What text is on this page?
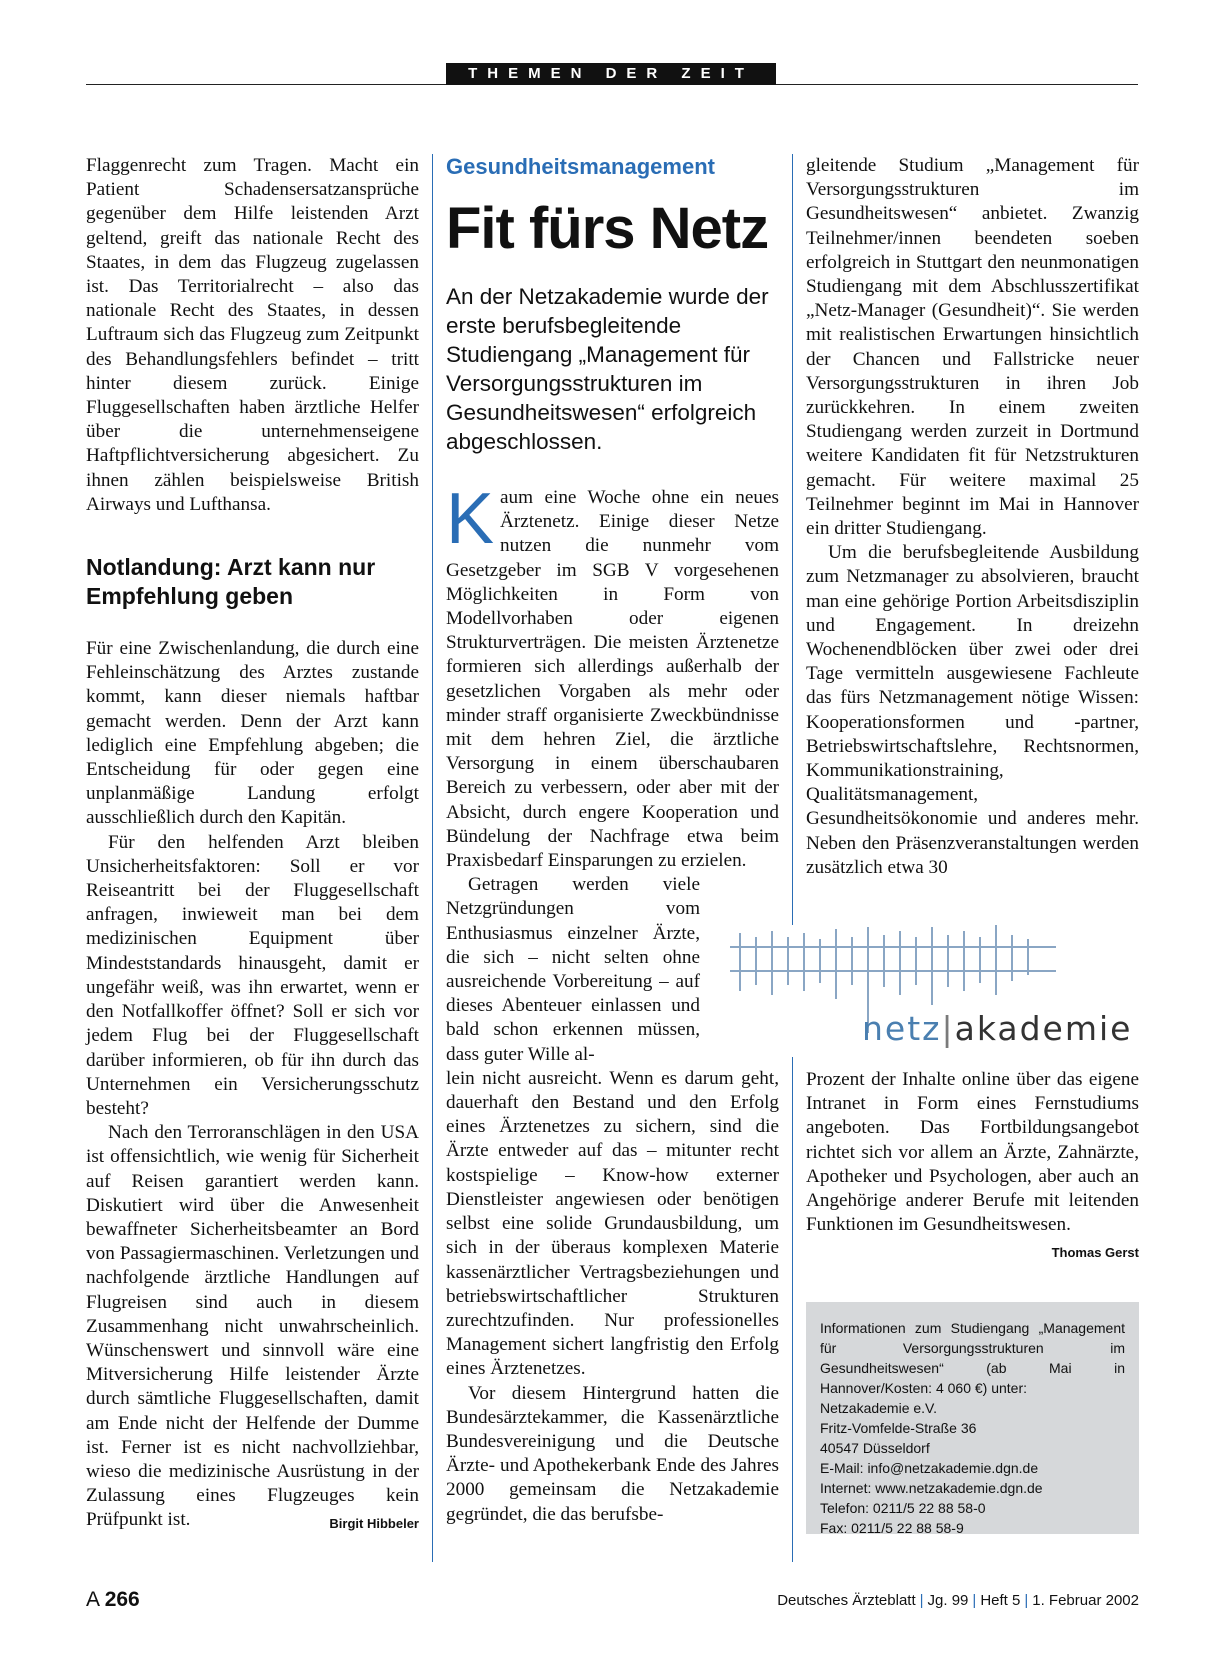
THEMEN DER ZEIT

Flaggenrecht zum Tragen. Macht ein Patient Schadensersatzansprüche gegenüber dem Hilfe leistenden Arzt geltend, greift das nationale Recht des Staates, in dem das Flugzeug zugelassen ist. Das Territorialrecht – also das nationale Recht des Staates, in dessen Luftraum sich das Flugzeug zum Zeitpunkt des Behandlungsfehlers befindet – tritt hinter diesem zurück. Einige Fluggesellschaften haben ärztliche Helfer über die unternehmenseigene Haftpflichtversicherung abgesichert. Zu ihnen zählen beispielsweise British Airways und Lufthansa.

Notlandung: Arzt kann nur Empfehlung geben

Für eine Zwischenlandung, die durch eine Fehleinschätzung des Arztes zustande kommt, kann dieser niemals haftbar gemacht werden. Denn der Arzt kann lediglich eine Empfehlung abgeben; die Entscheidung für oder gegen eine unplanmäßige Landung erfolgt ausschließlich durch den Kapitän.

Für den helfenden Arzt bleiben Unsicherheitsfaktoren: Soll er vor Reiseantritt bei der Fluggesellschaft anfragen, inwieweit man bei dem medizinischen Equipment über Mindeststandards hinausgeht, damit er ungefähr weiß, was ihn erwartet, wenn er den Notfallkoffer öffnet? Soll er sich vor jedem Flug bei der Fluggesellschaft darüber informieren, ob für ihn durch das Unternehmen ein Versicherungsschutz besteht?

Nach den Terroranschlägen in den USA ist offensichtlich, wie wenig für Sicherheit auf Reisen garantiert werden kann. Diskutiert wird über die Anwesenheit bewaffneter Sicherheitsbeamter an Bord von Passagiermaschinen. Verletzungen und nachfolgende ärztliche Handlungen auf Flugreisen sind auch in diesem Zusammenhang nicht unwahrscheinlich. Wünschenswert und sinnvoll wäre eine Mitversicherung Hilfe leistender Ärzte durch sämtliche Fluggesellschaften, damit am Ende nicht der Helfende der Dumme ist. Ferner ist es nicht nachvollziehbar, wieso die medizinische Ausrüstung in der Zulassung eines Flugzeuges kein Prüfpunkt ist.	Birgit Hibbeler

Gesundheitsmanagement
Fit fürs Netz
An der Netzakademie wurde der erste berufsbegleitende Studiengang „Management für Versorgungsstrukturen im Gesundheitswesen“ erfolgreich abgeschlossen.

Kaum eine Woche ohne ein neues Ärztenetz. Einige dieser Netze nutzen die nunmehr vom Gesetzgeber im SGB V vorgesehenen Möglichkeiten in Form von Modellvorhaben oder eigenen Strukturverträgen. Die meisten Ärztenetze formieren sich allerdings außerhalb der gesetzlichen Vorgaben als mehr oder minder straff organisierte Zweckbündnisse mit dem hehren Ziel, die ärztliche Versorgung in einem überschaubaren Bereich zu verbessern, oder aber mit der Absicht, durch engere Kooperation und Bündelung der Nachfrage etwa beim Praxisbedarf Einsparungen zu erzielen.

Getragen werden viele Netzgründungen vom Enthusiasmus einzelner Ärzte, die sich – nicht selten ohne ausreichende Vorbereitung – auf dieses Abenteuer einlassen und bald schon erkennen müssen, dass guter Wille al-

lein nicht ausreicht. Wenn es darum geht, dauerhaft den Bestand und den Erfolg eines Ärztenetzes zu sichern, sind die Ärzte entweder auf das – mitunter recht kostspielige – Know-how externer Dienstleister angewiesen oder benötigen selbst eine solide Grundausbildung, um sich in der überaus komplexen Materie kassenärztlicher Vertragsbeziehungen und betriebswirtschaftlicher Strukturen zurechtzufinden. Nur professionelles Management sichert langfristig den Erfolg eines Ärztenetzes.

Vor diesem Hintergrund hatten die Bundesärztekammer, die Kassenärztliche Bundesvereinigung und die Deutsche Ärzte- und Apothekerbank Ende des Jahres 2000 gemeinsam die Netzakademie gegründet, die das berufsbe-

gleitende Studium „Management für Versorgungsstrukturen im Gesundheitswesen“ anbietet. Zwanzig Teilnehmer/innen beendeten soeben erfolgreich in Stuttgart den neunmonatigen Studiengang mit dem Abschlusszertifikat „Netz-Manager (Gesundheit)“. Sie werden mit realistischen Erwartungen hinsichtlich der Chancen und Fallstricke neuer Versorgungsstrukturen in ihren Job zurückkehren. In einem zweiten Studiengang werden zurzeit in Dortmund weitere Kandidaten fit für Netzstrukturen gemacht. Für weitere maximal 25 Teilnehmer beginnt im Mai in Hannover ein dritter Studiengang.

Um die berufsbegleitende Ausbildung zum Netzmanager zu absolvieren, braucht man eine gehörige Portion Arbeitsdisziplin und Engagement. In dreizehn Wochenendblöcken über zwei oder drei Tage vermitteln ausgewiesene Fachleute das fürs Netzmanagement nötige Wissen: Kooperationsformen und -partner, Betriebswirtschaftslehre, Rechtsnormen, Kommunikationstraining, Qualitätsmanagement, Gesundheitsökonomie und anderes mehr. Neben den Präsenzveranstaltungen werden zusätzlich etwa 30

netz|akademie

Prozent der Inhalte online über das eigene Intranet in Form eines Fernstudiums angeboten. Das Fortbildungsangebot richtet sich vor allem an Ärzte, Zahnärzte, Apotheker und Psychologen, aber auch an Angehörige anderer Berufe mit leitenden Funktionen im Gesundheitswesen.
Thomas Gerst

Informationen zum Studiengang „Management für Versorgungsstrukturen im Gesundheitswesen“ (ab Mai in Hannover/Kosten: 4 060 €) unter:

Netzakademie e.V.

Fritz-Vomfelde-Straße 36

40547 Düsseldorf

E-Mail: info@netzakademie.dgn.de

Internet: www.netzakademie.dgn.de

Telefon: 0211/5 22 88 58-0

Fax: 0211/5 22 88 58-9

A 266	Deutsches Ärzteblatt | Jg. 99 | Heft 5 | 1. Februar 2002
